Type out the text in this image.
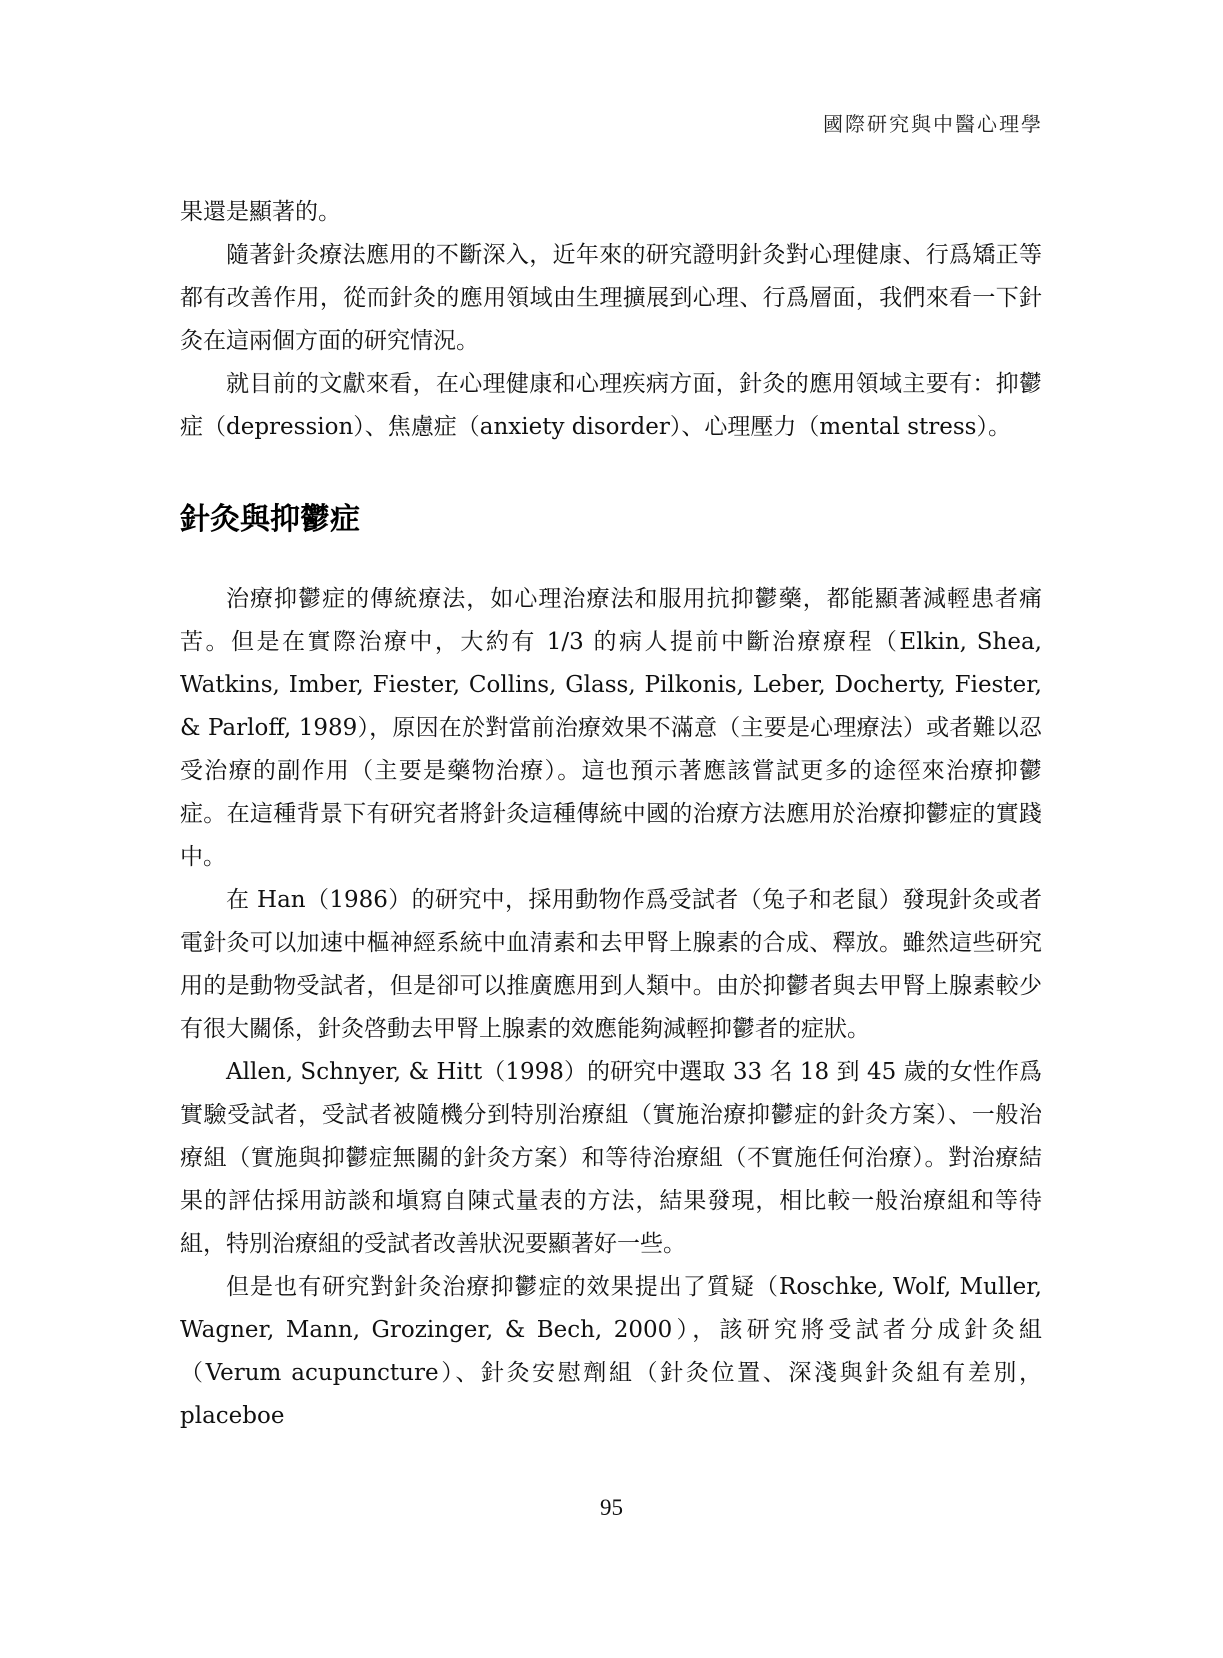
國際研究與中醫心理學

果還是顯著的。

隨著針灸療法應用的不斷深入，近年來的研究證明針灸對心理健康、行爲矯正等都有改善作用，從而針灸的應用領域由生理擴展到心理、行爲層面，我們來看一下針灸在這兩個方面的研究情況。

就目前的文獻來看，在心理健康和心理疾病方面，針灸的應用領域主要有：抑鬱症（depression）、焦慮症（anxiety disorder）、心理壓力（mental stress）。

針灸與抑鬱症

治療抑鬱症的傳統療法，如心理治療法和服用抗抑鬱藥，都能顯著減輕患者痛苦。但是在實際治療中，大約有 1/3 的病人提前中斷治療療程（Elkin, Shea, Watkins, Imber, Fiester, Collins, Glass, Pilkonis, Leber, Docherty, Fiester, & Parloff, 1989），原因在於對當前治療效果不滿意（主要是心理療法）或者難以忍受治療的副作用（主要是藥物治療）。這也預示著應該嘗試更多的途徑來治療抑鬱症。在這種背景下有研究者將針灸這種傳統中國的治療方法應用於治療抑鬱症的實踐中。

在 Han（1986）的研究中，採用動物作爲受試者（兔子和老鼠）發現針灸或者電針灸可以加速中樞神經系統中血清素和去甲腎上腺素的合成、釋放。雖然這些研究用的是動物受試者，但是卻可以推廣應用到人類中。由於抑鬱者與去甲腎上腺素較少有很大關係，針灸啓動去甲腎上腺素的效應能夠減輕抑鬱者的症狀。

Allen, Schnyer, & Hitt（1998）的研究中選取 33 名 18 到 45 歲的女性作爲實驗受試者，受試者被隨機分到特別治療組（實施治療抑鬱症的針灸方案）、一般治療組（實施與抑鬱症無關的針灸方案）和等待治療組（不實施任何治療）。對治療結果的評估採用訪談和塡寫自陳式量表的方法，結果發現，相比較一般治療組和等待組，特別治療組的受試者改善狀況要顯著好一些。

但是也有研究對針灸治療抑鬱症的效果提出了質疑（Roschke, Wolf, Muller, Wagner, Mann, Grozinger, & Bech, 2000），該研究將受試者分成針灸組（Verum acupuncture）、針灸安慰劑組（針灸位置、深淺與針灸組有差別，placeboe

95
